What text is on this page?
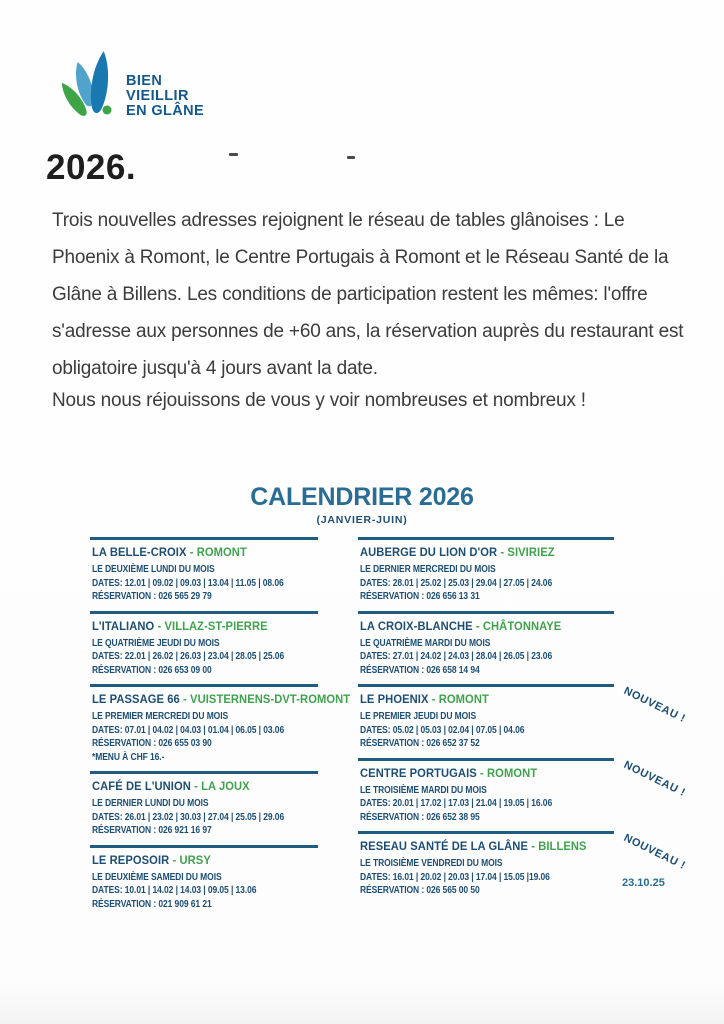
BIEN
VIEILLIR
EN GLÂNE
2026.
Trois nouvelles adresses rejoignent le réseau de tables glânoises : Le Phoenix à Romont, le Centre Portugais à Romont et le Réseau Santé de la Glâne à Billens. Les conditions de participation restent les mêmes: l'offre s'adresse aux personnes de +60 ans, la réservation auprès du restaurant est obligatoire jusqu'à 4 jours avant la date.
Nous nous réjouissons de vous y voir nombreuses et nombreux !
CALENDRIER 2026
(JANVIER-JUIN)
LA BELLE-CROIX - ROMONT
LE DEUXIÈME LUNDI DU MOIS
DATES: 12.01 | 09.02 | 09.03 | 13.04 | 11.05 | 08.06
RÉSERVATION : 026 565 29 79
L'ITALIANO - VILLAZ-ST-PIERRE
LE QUATRIÈME JEUDI DU MOIS
DATES: 22.01 | 26.02 | 26.03 | 23.04 | 28.05 | 25.06
RÉSERVATION : 026 653 09 00
LE PASSAGE 66 - VUISTERNENS-DVT-ROMONT
LE PREMIER MERCREDI DU MOIS
DATES: 07.01 | 04.02 | 04.03 | 01.04 | 06.05 | 03.06
RÉSERVATION : 026 655 03 90
*MENU À CHF 16.-
CAFÉ DE L'UNION - LA JOUX
LE DERNIER LUNDI DU MOIS
DATES: 26.01 | 23.02 | 30.03 | 27.04 | 25.05 | 29.06
RÉSERVATION : 026 921 16 97
LE REPOSOIR - URSY
LE DEUXIÈME SAMEDI DU MOIS
DATES: 10.01 | 14.02 | 14.03 | 09.05 | 13.06
RÉSERVATION : 021 909 61 21
AUBERGE DU LION D'OR - SIVIRIEZ
LE DERNIER MERCREDI DU MOIS
DATES: 28.01 | 25.02 | 25.03 | 29.04 | 27.05 | 24.06
RÉSERVATION : 026 656 13 31
LA CROIX-BLANCHE - CHÂTONNAYE
LE QUATRIÈME MARDI DU MOIS
DATES: 27.01 | 24.02 | 24.03 | 28.04 | 26.05 | 23.06
RÉSERVATION : 026 658 14 94
LE PHOENIX - ROMONT
LE PREMIER JEUDI DU MOIS
DATES: 05.02 | 05.03 | 02.04 | 07.05 | 04.06
RÉSERVATION : 026 652 37 52
NOUVEAU !
CENTRE PORTUGAIS - ROMONT
LE TROISIÈME MARDI DU MOIS
DATES: 20.01 | 17.02 | 17.03 | 21.04 | 19.05 | 16.06
RÉSERVATION : 026 652 38 95
NOUVEAU !
RESEAU SANTÉ DE LA GLÂNE - BILLENS
LE TROISIÈME VENDREDI DU MOIS
DATES: 16.01 | 20.02 | 20.03 | 17.04 | 15.05 |19.06
RÉSERVATION : 026 565 00 50
NOUVEAU !
23.10.25
